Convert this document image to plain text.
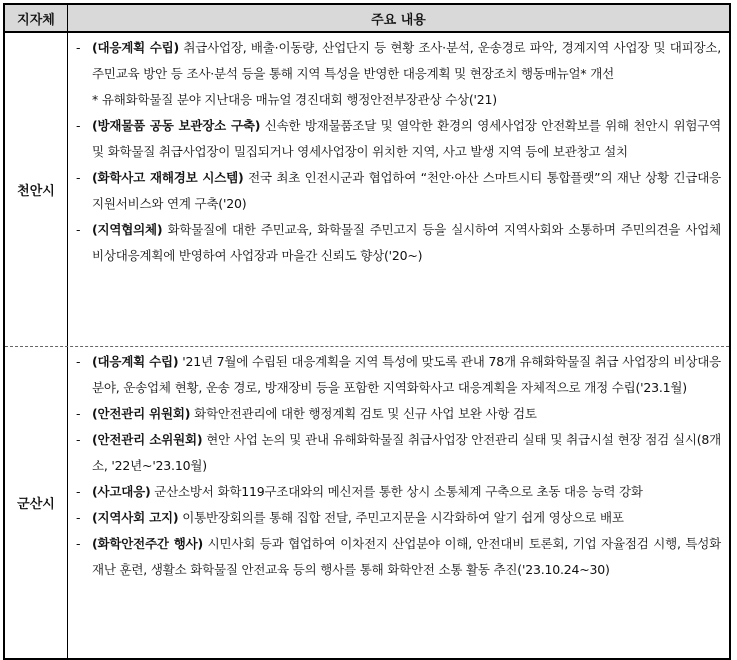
지자체	주요 내용
천안시
- (대응계획 수립) 취급사업장, 배출·이동량, 산업단지 등 현황 조사·분석, 운송경로 파악, 경계지역 사업장 및 대피장소, 주민교육 방안 등 조사·분석 등을 통해 지역 특성을 반영한 대응계획 및 현장조치 행동매뉴얼* 개선
* 유해화학물질 분야 지난대응 매뉴얼 경진대회 행정안전부장관상 수상('21)
- (방재물품 공동 보관장소 구축) 신속한 방재물품조달 및 열악한 환경의 영세사업장 안전확보를 위해 천안시 위험구역 및 화학물질 취급사업장이 밀집되거나 영세사업장이 위치한 지역, 사고 발생 지역 등에 보관창고 설치
- (화학사고 재해경보 시스템) 전국 최초 인전시군과 협업하여 “천안·아산 스마트시티 통합플랫”의 재난 상황 긴급대응 지원서비스와 연계 구축('20)
- (지역협의체) 화학물질에 대한 주민교육, 화학물질 주민고지 등을 실시하여 지역사회와 소통하며 주민의견을 사업체 비상대응계획에 반영하여 사업장과 마을간 신뢰도 향상('20~)
군산시
- (대응계획 수립) '21년 7월에 수립된 대응계획을 지역 특성에 맞도록 관내 78개 유해화학물질 취급 사업장의 비상대응 분야, 운송업체 현황, 운송 경로, 방재장비 등을 포함한 지역화학사고 대응계획을 자체적으로 개정 수립('23.1월)
- (안전관리 위원회) 화학안전관리에 대한 행정계획 검토 및 신규 사업 보완 사항 검토
- (안전관리 소위원회) 현안 사업 논의 및 관내 유해화학물질 취급사업장 안전관리 실태 및 취급시설 현장 점검 실시(8개소, '22년~'23.10월)
- (사고대응) 군산소방서 화학119구조대와의 메신저를 통한 상시 소통체계 구축으로 초동 대응 능력 강화
- (지역사회 고지) 이통반장회의를 통해 집합 전달, 주민고지문을 시각화하여 알기 쉽게 영상으로 배포
- (화학안전주간 행사) 시민사회 등과 협업하여 이차전지 산업분야 이해, 안전대비 토론회, 기업 자율점검 시행, 특성화 재난 훈련, 생활소 화학물질 안전교육 등의 행사를 통해 화학안전 소통 활동 추진('23.10.24~30)
